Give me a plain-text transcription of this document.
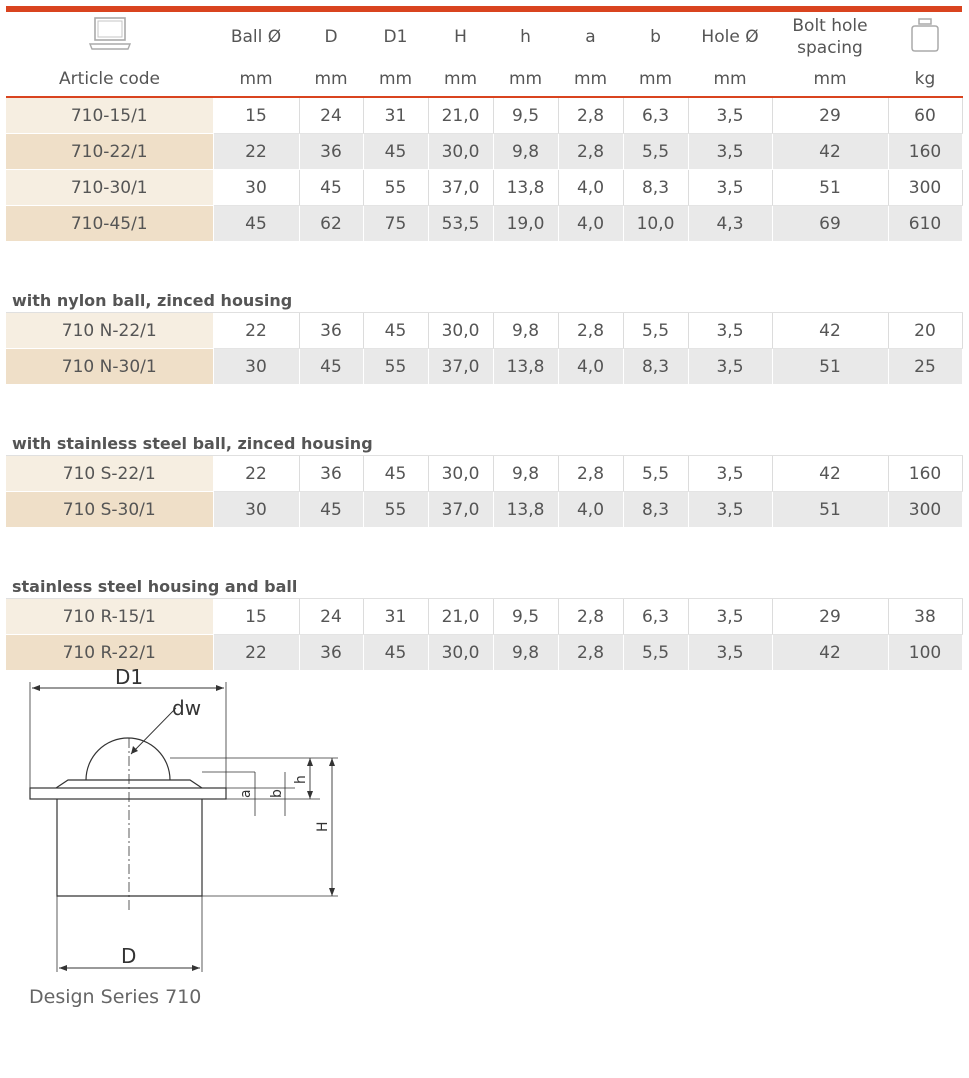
	Ball Ø	D	D1	H	h	a	b	Hole Ø	Bolt hole spacing	
Article code	mm	mm	mm	mm	mm	mm	mm	mm	mm	kg
710-15/1	15	24	31	21,0	9,5	2,8	6,3	3,5	29	60
710-22/1	22	36	45	30,0	9,8	2,8	5,5	3,5	42	160
710-30/1	30	45	55	37,0	13,8	4,0	8,3	3,5	51	300
710-45/1	45	62	75	53,5	19,0	4,0	10,0	4,3	69	610

with nylon ball, zinced housing										
710 N-22/1	22	36	45	30,0	9,8	2,8	5,5	3,5	42	20
710 N-30/1	30	45	55	37,0	13,8	4,0	8,3	3,5	51	25

with stainless steel ball, zinced housing										
710 S-22/1	22	36	45	30,0	9,8	2,8	5,5	3,5	42	160
710 S-30/1	30	45	55	37,0	13,8	4,0	8,3	3,5	51	300

stainless steel housing and ball										
710 R-15/1	15	24	31	21,0	9,5	2,8	6,3	3,5	29	38
710 R-22/1	22	36	45	30,0	9,8	2,8	5,5	3,5	42	100
D1
dw
D
a b
h
H
Design Series 710
